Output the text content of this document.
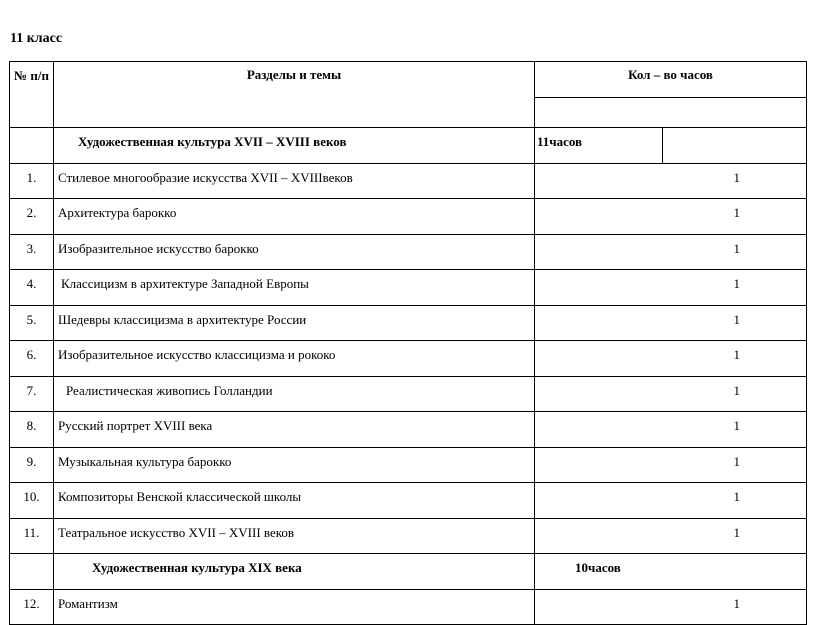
11 класс
№ п/п	Разделы и темы	Кол – во часов	

	Художественная культура XVII – XVIII веков	11часов	
1.	Стилевое многообразие искусства XVII – XVIIIвеков	1	
2.	Архитектура барокко	1	
3.	Изобразительное искусство барокко	1	
4.	Классицизм в архитектуре Западной Европы	1	
5.	Шедевры классицизма в архитектуре России	1	
6.	Изобразительное искусство классицизма и рококо	1	
7.	Реалистическая живопись Голландии	1	
8.	Русский портрет XVIII века	1	
9.	Музыкальная культура барокко	1	
10.	Композиторы Венской классической школы	1	
11.	Театральное искусство XVII – XVIII веков	1	
	Художественная культура XIX века	10часов	
12.	Романтизм	1	
